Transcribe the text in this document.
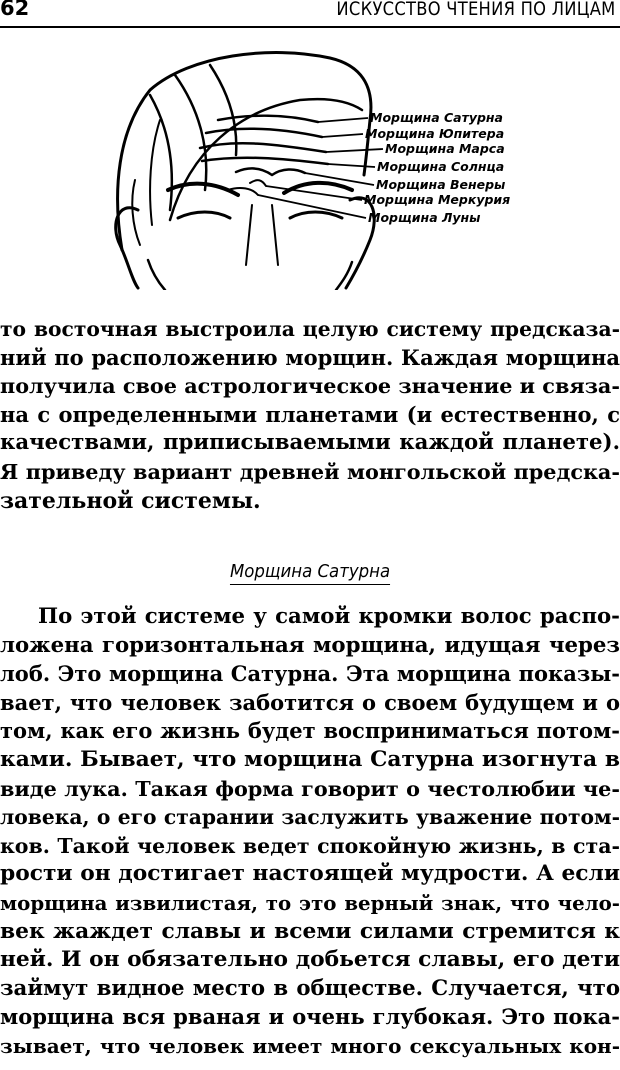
62	ИСКУССТВО ЧТЕНИЯ ПО ЛИЦАМ
Морщина Сатурна
Морщина Юпитера
Морщина Марса
Морщина Солнца
Морщина Венеры
Морщина Меркурия
Морщина Луны
то восточная выстроила целую систему предсказа-
ний по расположению морщин. Каждая морщина
получила свое астрологическое значение и связа-
на с определенными планетами (и естественно, с
качествами, приписываемыми каждой планете).
Я приведу вариант древней монгольской предска-
зательной системы.
Морщина Сатурна
По этой системе у самой кромки волос распо-
ложена горизонтальная морщина, идущая через
лоб. Это морщина Сатурна. Эта морщина показы-
вает, что человек заботится о своем будущем и о
том, как его жизнь будет восприниматься потом-
ками. Бывает, что морщина Сатурна изогнута в
виде лука. Такая форма говорит о честолюбии че-
ловека, о его старании заслужить уважение потом-
ков. Такой человек ведет спокойную жизнь, в ста-
рости он достигает настоящей мудрости. А если
морщина извилистая, то это верный знак, что чело-
век жаждет славы и всеми силами стремится к
ней. И он обязательно добьется славы, его дети
займут видное место в обществе. Случается, что
морщина вся рваная и очень глубокая. Это пока-
зывает, что человек имеет много сексуальных кон-
